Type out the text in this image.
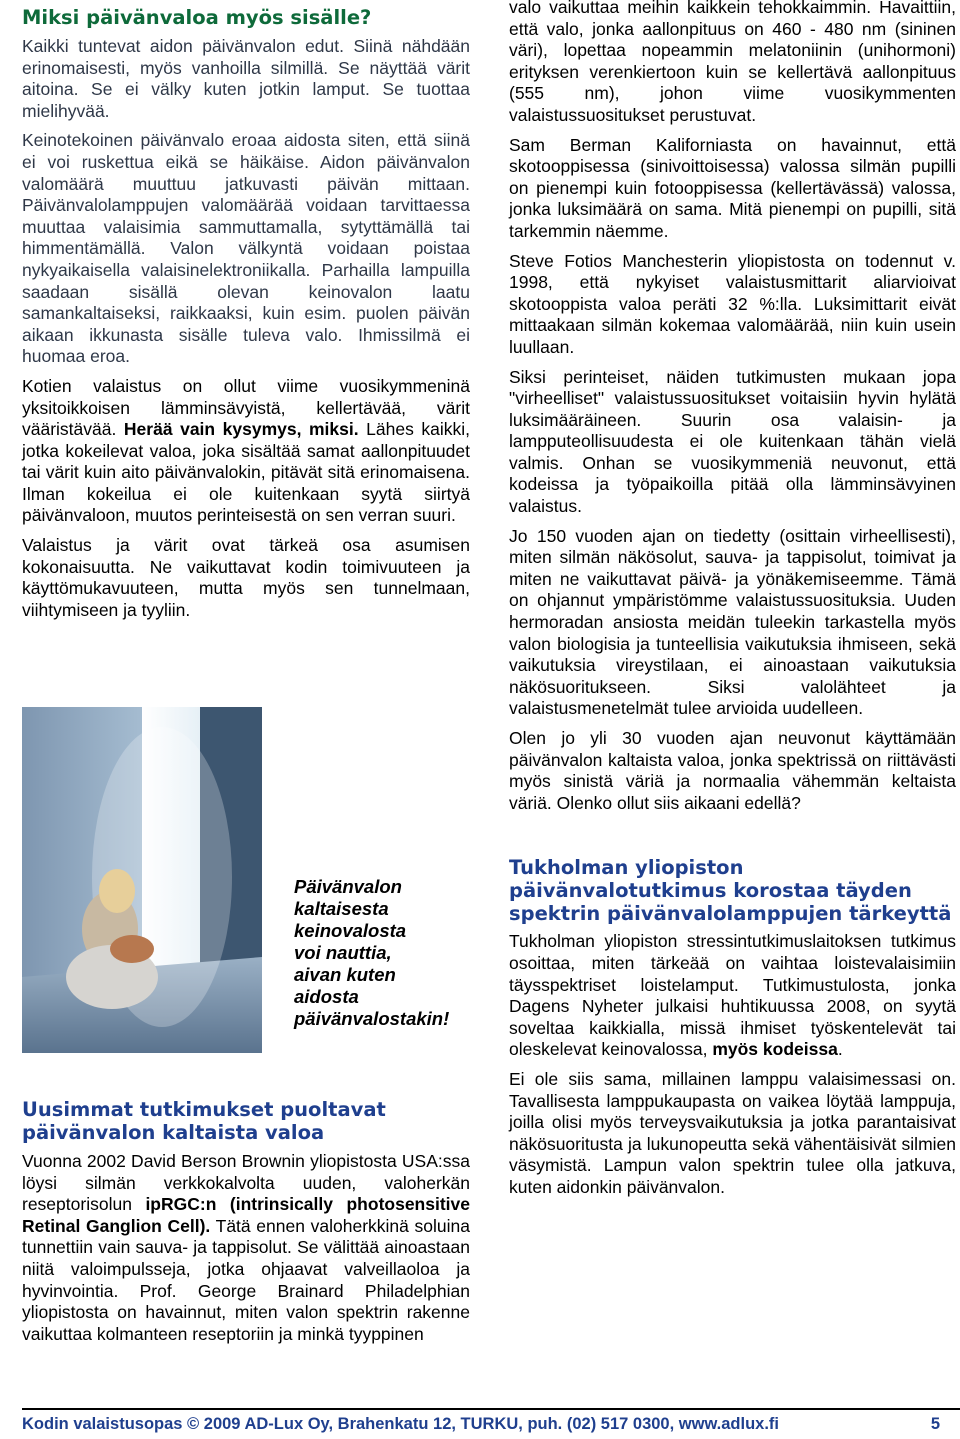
Miksi päivänvaloa myös sisälle?

Kaikki tuntevat aidon päivänvalon edut. Siinä nähdään erinomaisesti, myös vanhoilla silmillä. Se näyttää värit aitoina. Se ei välky kuten jotkin lamput. Se tuottaa mielihyvää.

Keinotekoinen päivänvalo eroaa aidosta siten, että siinä ei voi ruskettua eikä se häikäise. Aidon päivänvalon valomäärä muuttuu jatkuvasti päivän mittaan. Päivänvalolamppujen valomäärää voidaan tarvittaessa muuttaa valaisimia sammuttamalla, sytyttämällä tai himmentämällä. Valon välkyntä voidaan poistaa nykyaikaisella valaisinelektroniikalla. Parhailla lampuilla saadaan sisällä olevan keinovalon laatu samankaltaiseksi, raikkaaksi, kuin esim. puolen päivän aikaan ikkunasta sisälle tuleva valo. Ihmissilmä ei huomaa eroa.

Kotien valaistus on ollut viime vuosikymmeninä yksitoikkoisen lämminsävyistä, kellertävää, värit vääristävää. Herää vain kysymys, miksi. Lähes kaikki, jotka kokeilevat valoa, joka sisältää samat aallonpituudet tai värit kuin aito päivänvalokin, pitävät sitä erinomaisena. Ilman kokeilua ei ole kuitenkaan syytä siirtyä päivänvaloon, muutos perinteisestä on sen verran suuri.

Valaistus ja värit ovat tärkeä osa asumisen kokonaisuutta. Ne vaikuttavat kodin toimivuuteen ja käyttömukavuuteen, mutta myös sen tunnelmaan, viihtymiseen ja tyyliin.

Päivänvalon kaltaisesta keinovalosta voi nauttia, aivan kuten aidosta päivänvalostakin!
Uusimmat tutkimukset puoltavat päivänvalon kaltaista valoa

Vuonna 2002 David Berson Brownin yliopistosta USA:ssa löysi silmän verkkokalvolta uuden, valoherkän reseptorisolun ipRGC:n (intrinsically photosensitive Retinal Ganglion Cell). Tätä ennen valoherkkinä soluina tunnettiin vain sauva- ja tappisolut. Se välittää ainoastaan niitä valoimpulsseja, jotka ohjaavat valveillaoloa ja hyvinvointia. Prof. George Brainard Philadelphian yliopistosta on havainnut, miten valon spektrin rakenne vaikuttaa kolmanteen reseptoriin ja minkä tyyppinen

valo vaikuttaa meihin kaikkein tehokkaimmin. Havaittiin, että valo, jonka aallonpituus on 460 - 480 nm (sininen väri), lopettaa nopeammin melatoniinin (unihormoni) erityksen verenkiertoon kuin se kellertävä aallonpituus (555 nm), johon viime vuosikymmenten valaistussuositukset perustuvat.

Sam Berman Kaliforniasta on havainnut, että skotooppisessa (sinivoittoisessa) valossa silmän pupilli on pienempi kuin fotooppisessa (kellertävässä) valossa, jonka luksimäärä on sama. Mitä pienempi on pupilli, sitä tarkemmin näemme.

Steve Fotios Manchesterin yliopistosta on todennut v. 1998, että nykyiset valaistusmittarit aliarvioivat skotooppista valoa peräti 32 %:lla. Luksimittarit eivät mittaakaan silmän kokemaa valomäärää, niin kuin usein luullaan.

Siksi perinteiset, näiden tutkimusten mukaan jopa "virheelliset" valaistussuositukset voitaisiin hyvin hylätä luksimääräineen. Suurin osa valaisin- ja lampputeollisuudesta ei ole kuitenkaan tähän vielä valmis. Onhan se vuosikymmeniä neuvonut, että kodeissa ja työpaikoilla pitää olla lämminsävyinen valaistus.

Jo 150 vuoden ajan on tiedetty (osittain virheellisesti), miten silmän näkösolut, sauva- ja tappisolut, toimivat ja miten ne vaikuttavat päivä- ja yönäkemiseemme. Tämä on ohjannut ympäristömme valaistussuosituksia. Uuden hermoradan ansiosta meidän tuleekin tarkastella myös valon biologisia ja tunteellisia vaikutuksia ihmiseen, sekä vaikutuksia vireystilaan, ei ainoastaan vaikutuksia näkösuoritukseen. Siksi valolähteet ja valaistusmenetelmät tulee arvioida uudelleen.

Olen jo yli 30 vuoden ajan neuvonut käyttämään päivänvalon kaltaista valoa, jonka spektrissä on riittävästi myös sinistä väriä ja normaalia vähemmän keltaista väriä. Olenko ollut siis aikaani edellä?

Tukholman yliopiston päivänvalotutkimus korostaa täyden spektrin päivänvalolamppujen tärkeyttä

Tukholman yliopiston stressintutkimuslaitoksen tutkimus osoittaa, miten tärkeää on vaihtaa loistevalaisimiin täysspektriset loistelamput. Tutkimustulosta, jonka Dagens Nyheter julkaisi huhtikuussa 2008, on syytä soveltaa kaikkialla, missä ihmiset työskentelevät tai oleskelevat keinovalossa, myös kodeissa.

Ei ole siis sama, millainen lamppu valaisimessasi on. Tavallisesta lamppukaupasta on vaikea löytää lamppuja, joilla olisi myös terveysvaikutuksia ja jotka parantaisivat näkösuoritusta ja lukunopeutta sekä vähentäisivät silmien väsymistä. Lampun valon spektrin tulee olla jatkuva, kuten aidonkin päivänvalon.

Kodin valaistusopas © 2009 AD-Lux Oy, Brahenkatu 12, TURKU, puh. (02) 517 0300, www.adlux.fi	5
